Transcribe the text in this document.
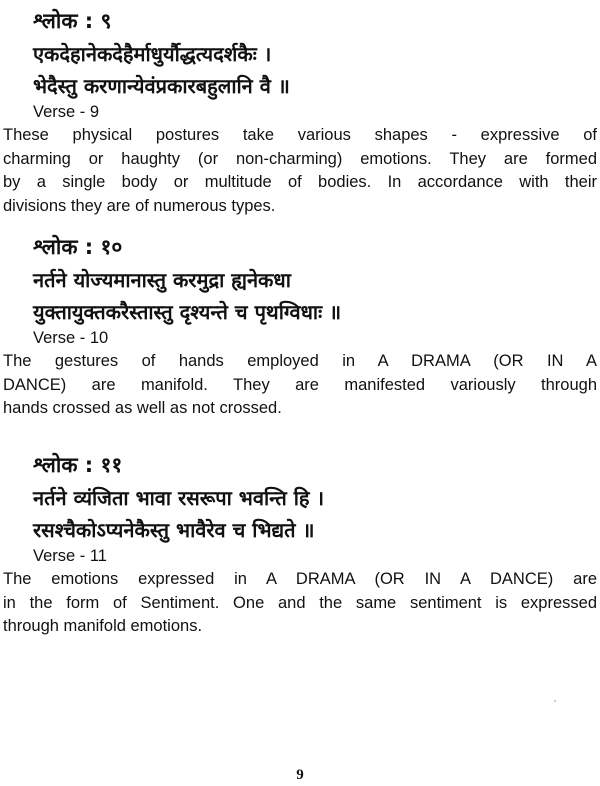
श्लोक : ९
एकदेहानेकदेहैर्माधुर्यौद्धत्यदर्शकैः ।
भेदैस्तु करणान्येवंप्रकारबहुलानि वै ॥
Verse - 9
These physical postures take various shapes - expressive of
charming or haughty (or non-charming) emotions. They are formed
by a single body or multitude of bodies. In accordance with their
divisions they are of numerous types.
श्लोक : १०
नर्तने योज्यमानास्तु करमुद्रा ह्यनेकधा
युक्तायुक्तकरैस्तास्तु दृश्यन्ते च पृथग्विधाः ॥
Verse - 10
The gestures of hands employed in A DRAMA (OR IN A
DANCE) are manifold. They are manifested variously through
hands crossed as well as not crossed.
श्लोक : ११
नर्तने व्यंजिता भावा रसरूपा भवन्ति हि ।
रसश्चैकोऽप्यनेकैस्तु भावैरेव च भिद्यते ॥
Verse - 11
The emotions expressed in A DRAMA (OR IN A DANCE) are
in the form of Sentiment. One and the same sentiment is expressed
through manifold emotions.
9
